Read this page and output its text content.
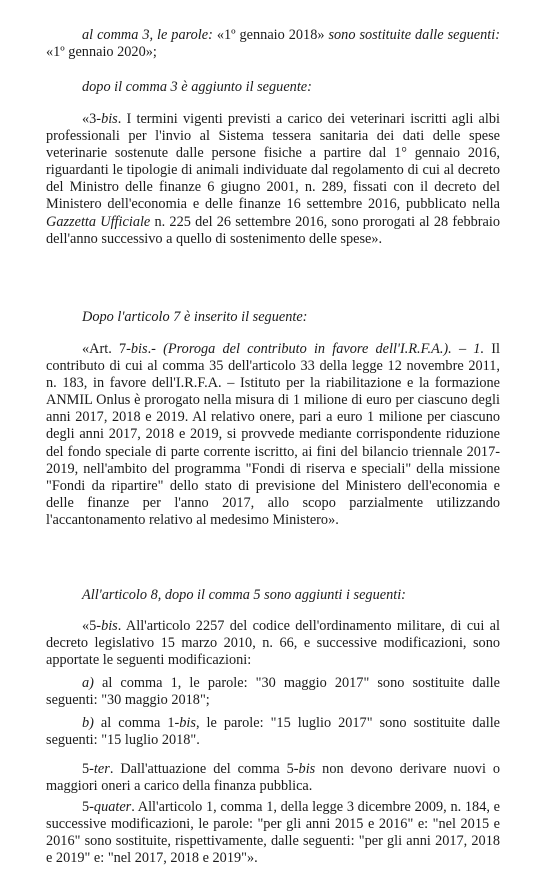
al comma 3, le parole: «1º gennaio 2018» sono sostituite dalle seguenti: «1º gennaio 2020»;

dopo il comma 3 è aggiunto il seguente:

«3-bis. I termini vigenti previsti a carico dei veterinari iscritti agli albi professionali per l'invio al Sistema tessera sanitaria dei dati delle spese veterinarie sostenute dalle persone fisiche a partire dal 1° gennaio 2016, riguardanti le tipologie di animali individuate dal regolamento di cui al decreto del Ministro delle finanze 6 giugno 2001, n. 289, fissati con il decreto del Ministero dell'economia e delle finanze 16 settembre 2016, pubblicato nella Gazzetta Ufficiale n. 225 del 26 settembre 2016, sono prorogati al 28 febbraio dell'anno successivo a quello di sostenimento delle spese».

Dopo l'articolo 7 è inserito il seguente:

«Art. 7-bis.- (Proroga del contributo in favore dell'I.R.F.A.). – 1. Il contributo di cui al comma 35 dell'articolo 33 della legge 12 novembre 2011, n. 183, in favore dell'I.R.F.A. – Istituto per la riabilitazione e la formazione ANMIL Onlus è prorogato nella misura di 1 milione di euro per ciascuno degli anni 2017, 2018 e 2019. Al relativo onere, pari a euro 1 milione per ciascuno degli anni 2017, 2018 e 2019, si provvede mediante corrispondente riduzione del fondo speciale di parte corrente iscritto, ai fini del bilancio triennale 2017-2019, nell'ambito del programma "Fondi di riserva e speciali" della missione "Fondi da ripartire" dello stato di previsione del Ministero dell'economia e delle finanze per l'anno 2017, allo scopo parzialmente utilizzando l'accantonamento relativo al medesimo Ministero».

All'articolo 8, dopo il comma 5 sono aggiunti i seguenti:

«5-bis. All'articolo 2257 del codice dell'ordinamento militare, di cui al decreto legislativo 15 marzo 2010, n. 66, e successive modificazioni, sono apportate le seguenti modificazioni:

a) al comma 1, le parole: "30 maggio 2017" sono sostituite dalle seguenti: "30 maggio 2018";

b) al comma 1-bis, le parole: "15 luglio 2017" sono sostituite dalle seguenti: "15 luglio 2018".

5-ter. Dall'attuazione del comma 5-bis non devono derivare nuovi o maggiori oneri a carico della finanza pubblica.

5-quater. All'articolo 1, comma 1, della legge 3 dicembre 2009, n. 184, e successive modificazioni, le parole: "per gli anni 2015 e 2016" e: "nel 2015 e 2016" sono sostituite, rispettivamente, dalle seguenti: "per gli anni 2017, 2018 e 2019" e: "nel 2017, 2018 e 2019"».
